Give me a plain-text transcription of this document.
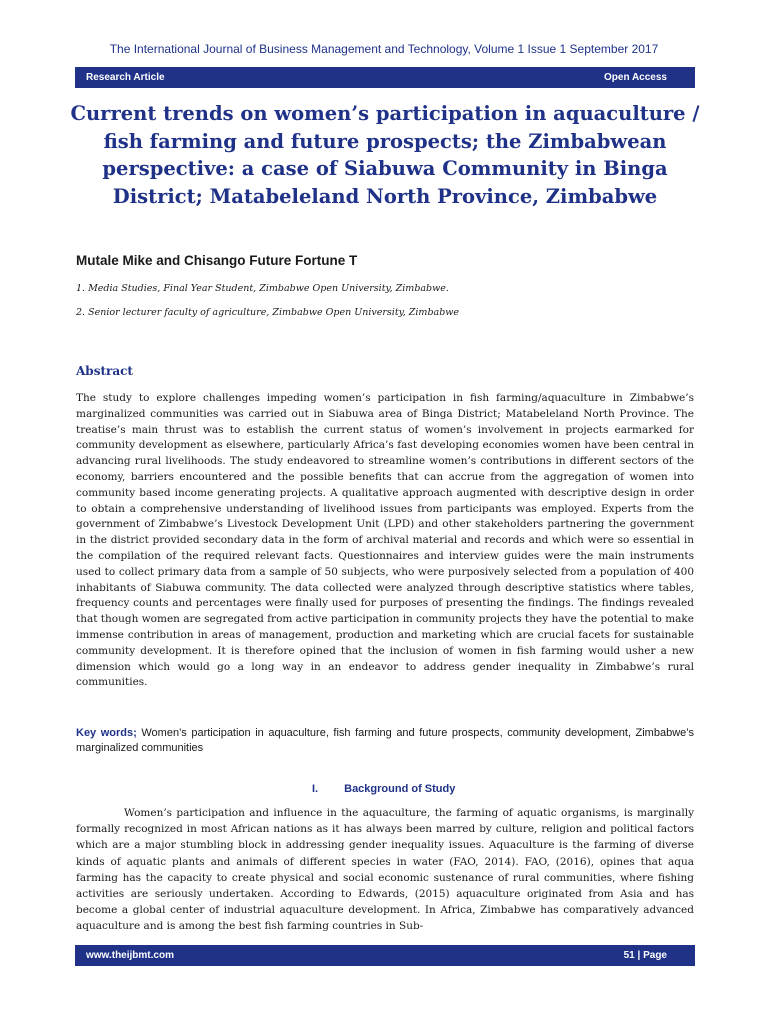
The International Journal of Business Management and Technology, Volume 1 Issue 1 September 2017
Research Article	Open Access
Current trends on women’s participation in aquaculture / fish farming and future prospects; the Zimbabwean perspective: a case of Siabuwa Community in Binga District; Matabeleland North Province, Zimbabwe
Mutale Mike and Chisango Future Fortune T
1. Media Studies, Final Year Student, Zimbabwe Open University, Zimbabwe.
2. Senior lecturer faculty of agriculture, Zimbabwe Open University, Zimbabwe
Abstract

The study to explore challenges impeding women’s participation in fish farming/aquaculture in Zimbabwe’s marginalized communities was carried out in Siabuwa area of Binga District; Matabeleland North Province. The treatise’s main thrust was to establish the current status of women’s involvement in projects earmarked for community development as elsewhere, particularly Africa’s fast developing economies women have been central in advancing rural livelihoods. The study endeavored to streamline women’s contributions in different sectors of the economy, barriers encountered and the possible benefits that can accrue from the aggregation of women into community based income generating projects. A qualitative approach augmented with descriptive design in order to obtain a comprehensive understanding of livelihood issues from participants was employed. Experts from the government of Zimbabwe’s Livestock Development Unit (LPD) and other stakeholders partnering the government in the district provided secondary data in the form of archival material and records and which were so essential in the compilation of the required relevant facts. Questionnaires and interview guides were the main instruments used to collect primary data from a sample of 50 subjects, who were purposively selected from a population of 400 inhabitants of Siabuwa community. The data collected were analyzed through descriptive statistics where tables, frequency counts and percentages were finally used for purposes of presenting the findings. The findings revealed that though women are segregated from active participation in community projects they have the potential to make immense contribution in areas of management, production and marketing which are crucial facets for sustainable community development. It is therefore opined that the inclusion of women in fish farming would usher a new dimension which would go a long way in an endeavor to address gender inequality in Zimbabwe’s rural communities.

Key words; Women’s participation in aquaculture, fish farming and future prospects, community development, Zimbabwe’s marginalized communities

I. Background of Study

Women’s participation and influence in the aquaculture, the farming of aquatic organisms, is marginally formally recognized in most African nations as it has always been marred by culture, religion and political factors which are a major stumbling block in addressing gender inequality issues. Aquaculture is the farming of diverse kinds of aquatic plants and animals of different species in water (FAO, 2014). FAO, (2016), opines that aqua farming has the capacity to create physical and social economic sustenance of rural communities, where fishing activities are seriously undertaken. According to Edwards, (2015) aquaculture originated from Asia and has become a global center of industrial aquaculture development. In Africa, Zimbabwe has comparatively advanced aquaculture and is among the best fish farming countries in Sub-

www.theijbmt.com	51 | Page
